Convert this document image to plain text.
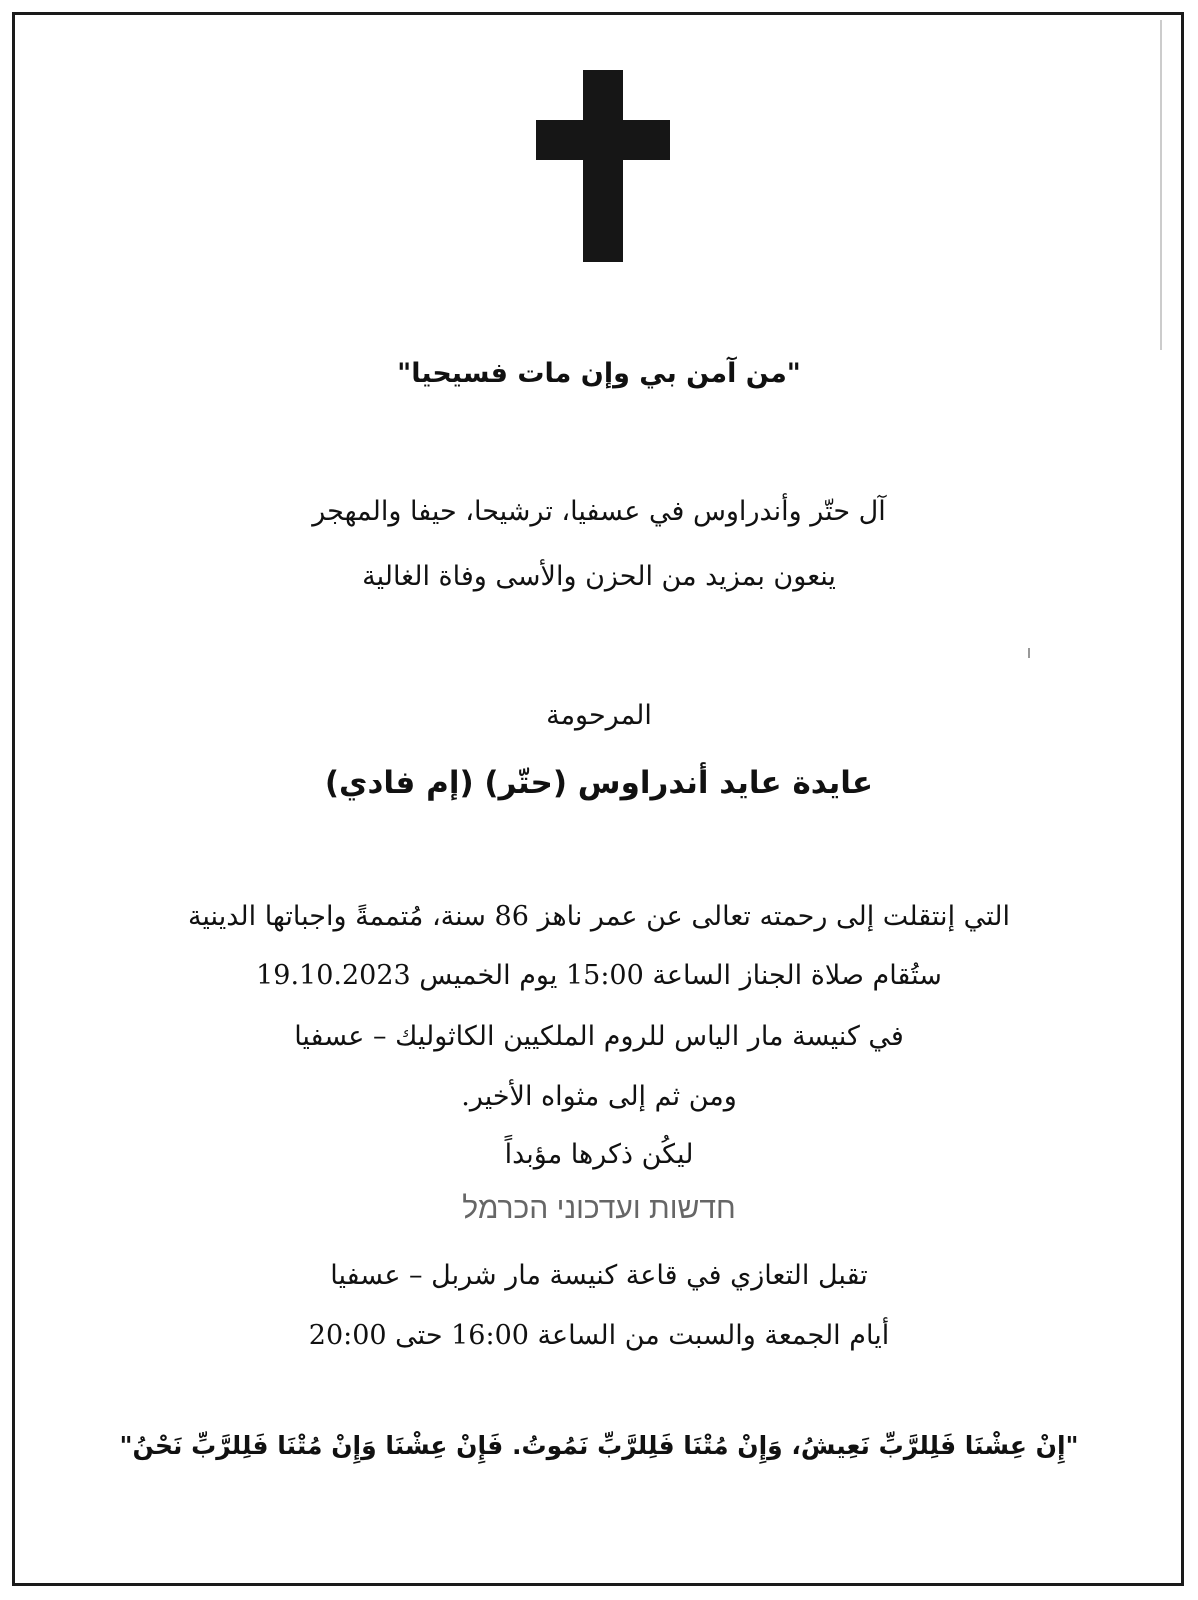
"من آمن بي وإن مات فسيحيا"
آل حتّر وأندراوس في عسفيا، ترشيحا، حيفا والمهجر
ينعون بمزيد من الحزن والأسى وفاة الغالية
المرحومة
عايدة عايد أندراوس (حتّر) (إم فادي)
التي إنتقلت إلى رحمته تعالى عن عمر ناهز 86 سنة، مُتممةً واجباتها الدينية
ستُقام صلاة الجناز الساعة 15:00 يوم الخميس 19.10.2023
في كنيسة مار الياس للروم الملكيين الكاثوليك – عسفيا
ومن ثم إلى مثواه الأخير.
ليكُن ذكرها مؤبداً
חדשות ועדכוני הכרמל
تقبل التعازي في قاعة كنيسة مار شربل – عسفيا
أيام الجمعة والسبت من الساعة 16:00 حتى 20:00
"إِنْ عِشْنَا فَلِلرَّبِّ نَعِيشُ، وَإِنْ مُتْنَا فَلِلرَّبِّ نَمُوتُ. فَإِنْ عِشْنَا وَإِنْ مُتْنَا فَلِلرَّبِّ نَحْنُ"
